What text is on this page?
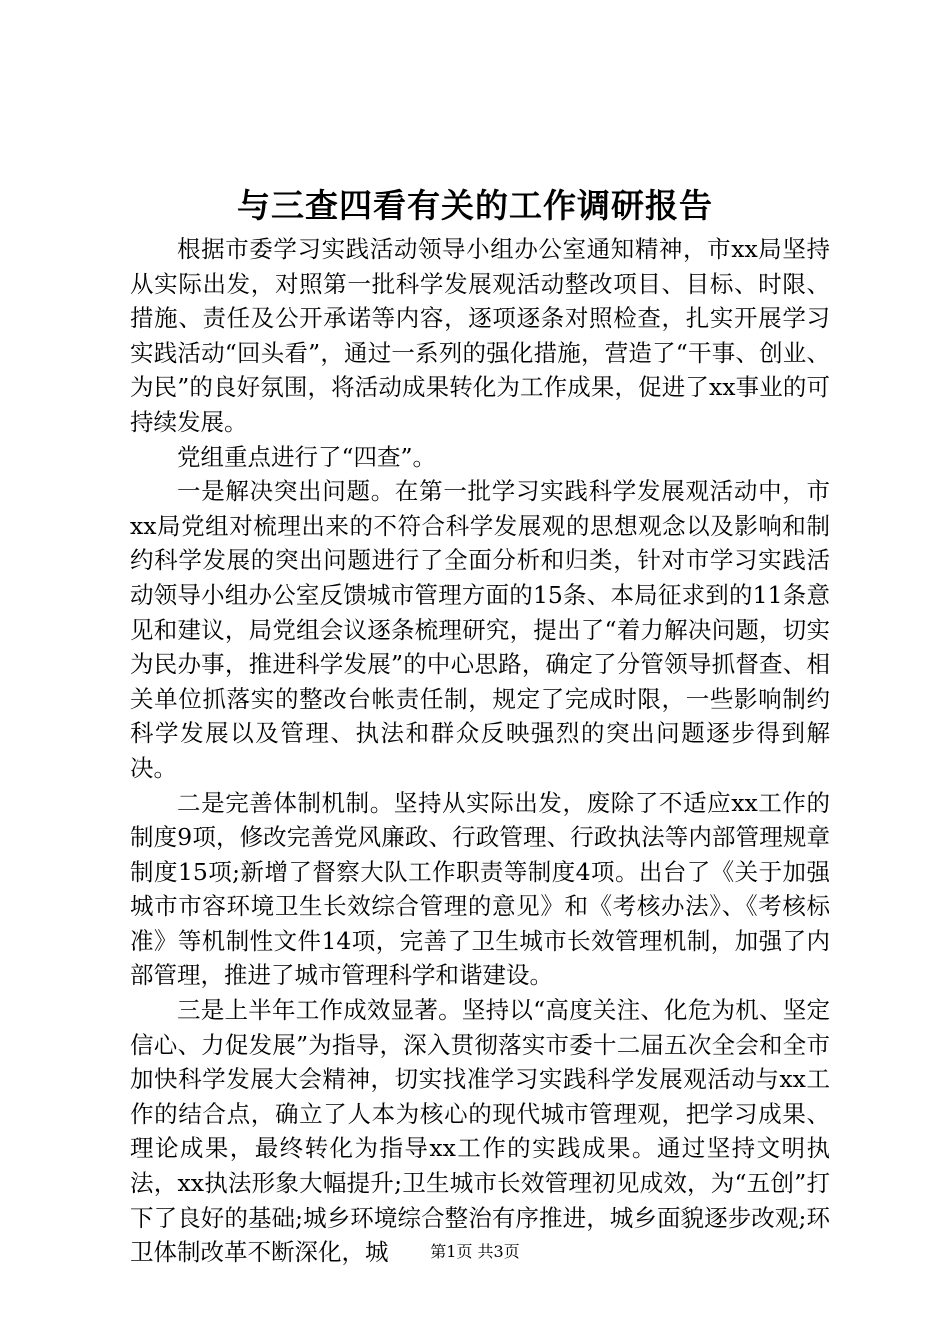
与三查四看有关的工作调研报告

根据市委学习实践活动领导小组办公室通知精神，市xx局坚持从实际出发，对照第一批科学发展观活动整改项目、目标、时限、措施、责任及公开承诺等内容，逐项逐条对照检查，扎实开展学习实践活动“回头看”，通过一系列的强化措施，营造了“干事、创业、为民”的良好氛围，将活动成果转化为工作成果，促进了xx事业的可持续发展。

党组重点进行了“四查”。

一是解决突出问题。在第一批学习实践科学发展观活动中，市xx局党组对梳理出来的不符合科学发展观的思想观念以及影响和制约科学发展的突出问题进行了全面分析和归类，针对市学习实践活动领导小组办公室反馈城市管理方面的15条、本局征求到的11条意见和建议，局党组会议逐条梳理研究，提出了“着力解决问题，切实为民办事，推进科学发展”的中心思路，确定了分管领导抓督查、相关单位抓落实的整改台帐责任制，规定了完成时限，一些影响制约科学发展以及管理、执法和群众反映强烈的突出问题逐步得到解决。

二是完善体制机制。坚持从实际出发，废除了不适应xx工作的制度9项，修改完善党风廉政、行政管理、行政执法等内部管理规章制度15项;新增了督察大队工作职责等制度4项。出台了《关于加强城市市容环境卫生长效综合管理的意见》和《考核办法》、《考核标准》等机制性文件14项，完善了卫生城市长效管理机制，加强了内部管理，推进了城市管理科学和谐建设。

三是上半年工作成效显著。坚持以“高度关注、化危为机、坚定信心、力促发展”为指导，深入贯彻落实市委十二届五次全会和全市加快科学发展大会精神，切实找准学习实践科学发展观活动与xx工作的结合点，确立了人本为核心的现代城市管理观，把学习成果、理论成果，最终转化为指导xx工作的实践成果。通过坚持文明执法，xx执法形象大幅提升;卫生城市长效管理初见成效，为“五创”打下了良好的基础;城乡环境综合整治有序推进，城乡面貌逐步改观;环卫体制改革不断深化，城	第1页 共3页
